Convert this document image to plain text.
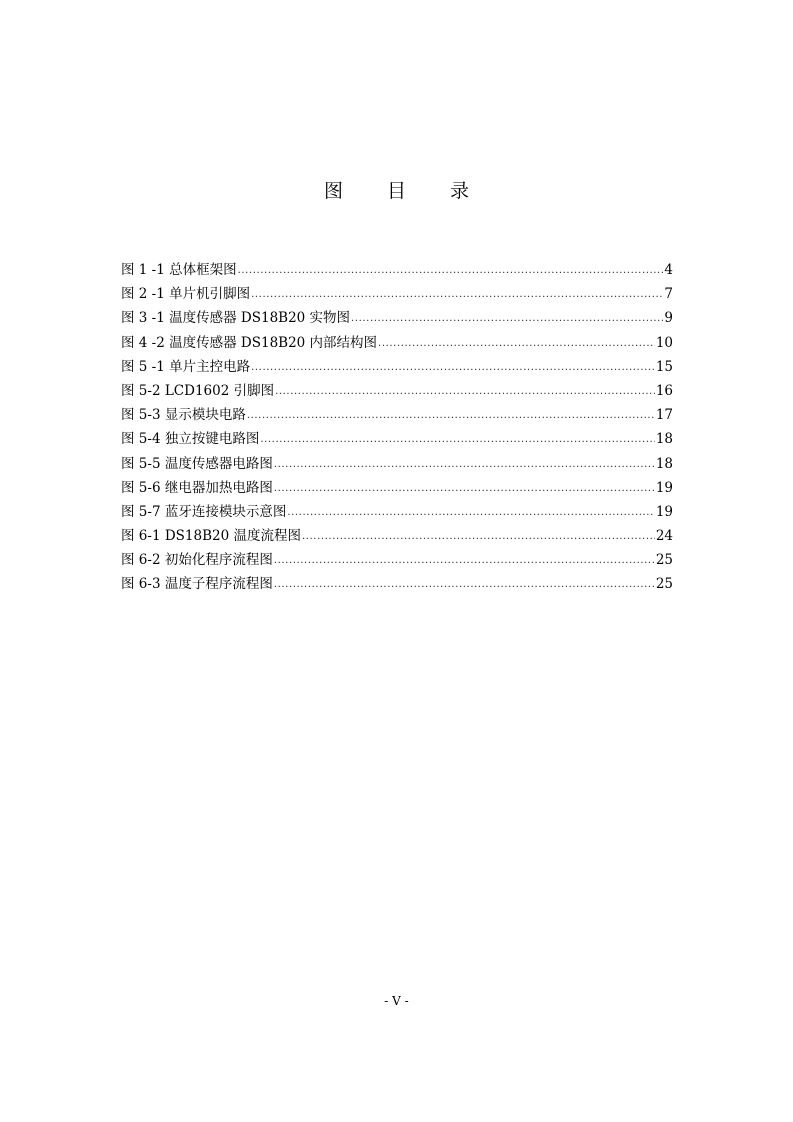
图 目 录
图 1 -1 总体框架图 .....	4
图 2 -1 单片机引脚图 .....	7
图 3 -1 温度传感器 DS18B20 实物图 .....	9
图 4 -2 温度传感器 DS18B20 内部结构图 .....	10
图 5 -1 单片主控电路 .....	15
图 5-2 LCD1602 引脚图 .....	16
图 5-3 显示模块电路 .....	17
图 5-4 独立按键电路图 .....	18
图 5-5 温度传感器电路图 .....	18
图 5-6 继电器加热电路图 .....	19
图 5-7 蓝牙连接模块示意图 .....	19
图 6-1 DS18B20 温度流程图 .....	24
图 6-2 初始化程序流程图 .....	25
图 6-3 温度子程序流程图 .....	25
- V -
